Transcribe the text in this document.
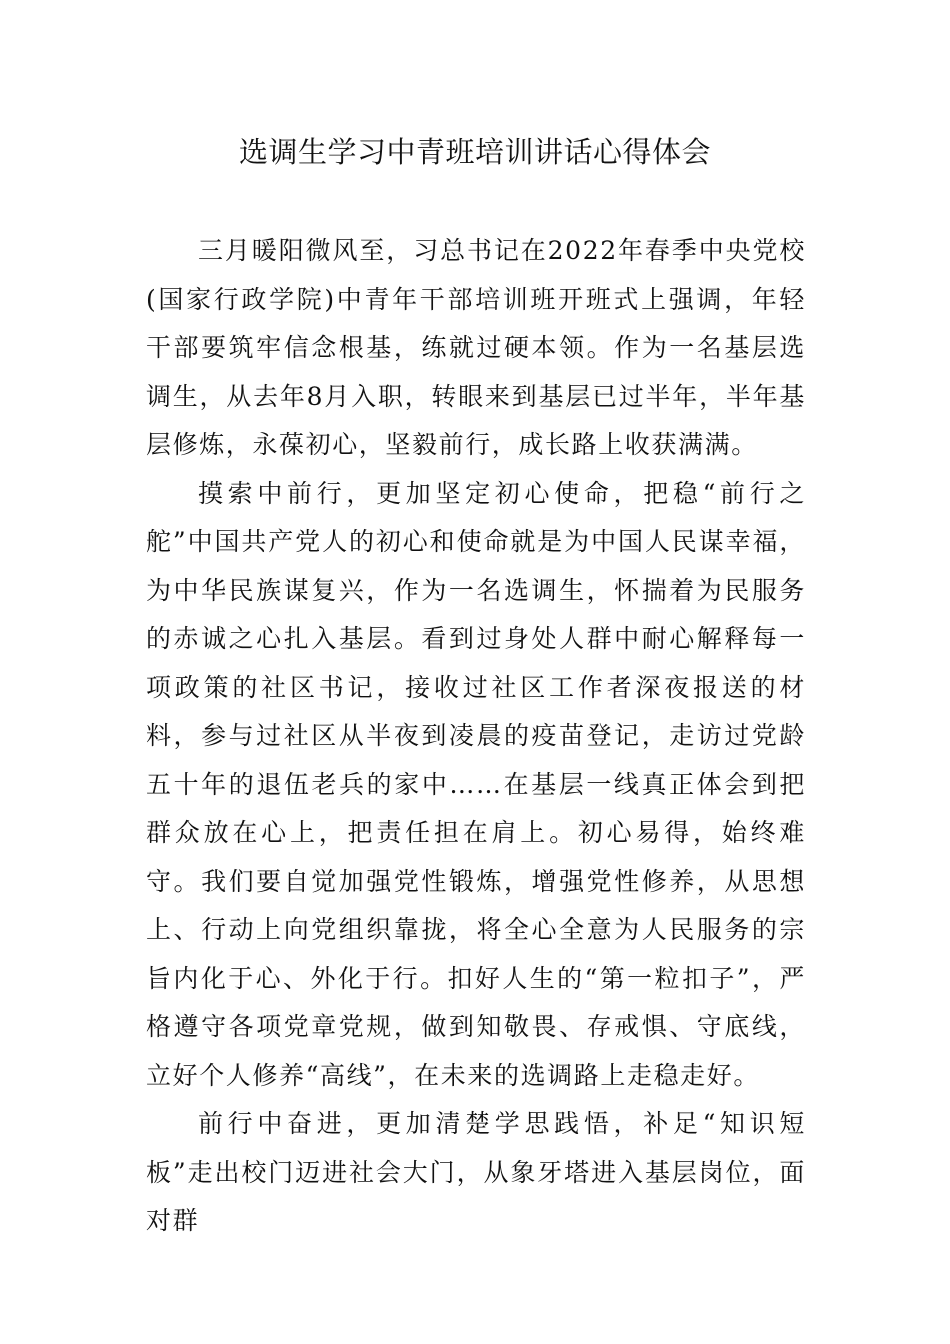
选调生学习中青班培训讲话心得体会

三月暖阳微风至，习总书记在2022年春季中央党校(国家行政学院)中青年干部培训班开班式上强调，年轻干部要筑牢信念根基，练就过硬本领。作为一名基层选调生，从去年8月入职，转眼来到基层已过半年，半年基层修炼，永葆初心，坚毅前行，成长路上收获满满。

摸索中前行，更加坚定初心使命，把稳“前行之舵”中国共产党人的初心和使命就是为中国人民谋幸福，为中华民族谋复兴，作为一名选调生，怀揣着为民服务的赤诚之心扎入基层。看到过身处人群中耐心解释每一项政策的社区书记，接收过社区工作者深夜报送的材料，参与过社区从半夜到凌晨的疫苗登记，走访过党龄五十年的退伍老兵的家中……在基层一线真正体会到把群众放在心上，把责任担在肩上。初心易得，始终难守。我们要自觉加强党性锻炼，增强党性修养，从思想上、行动上向党组织靠拢，将全心全意为人民服务的宗旨内化于心、外化于行。扣好人生的“第一粒扣子”，严格遵守各项党章党规，做到知敬畏、存戒惧、守底线，立好个人修养“高线”，在未来的选调路上走稳走好。

前行中奋进，更加清楚学思践悟，补足“知识短板”走出校门迈进社会大门，从象牙塔进入基层岗位，面对群
